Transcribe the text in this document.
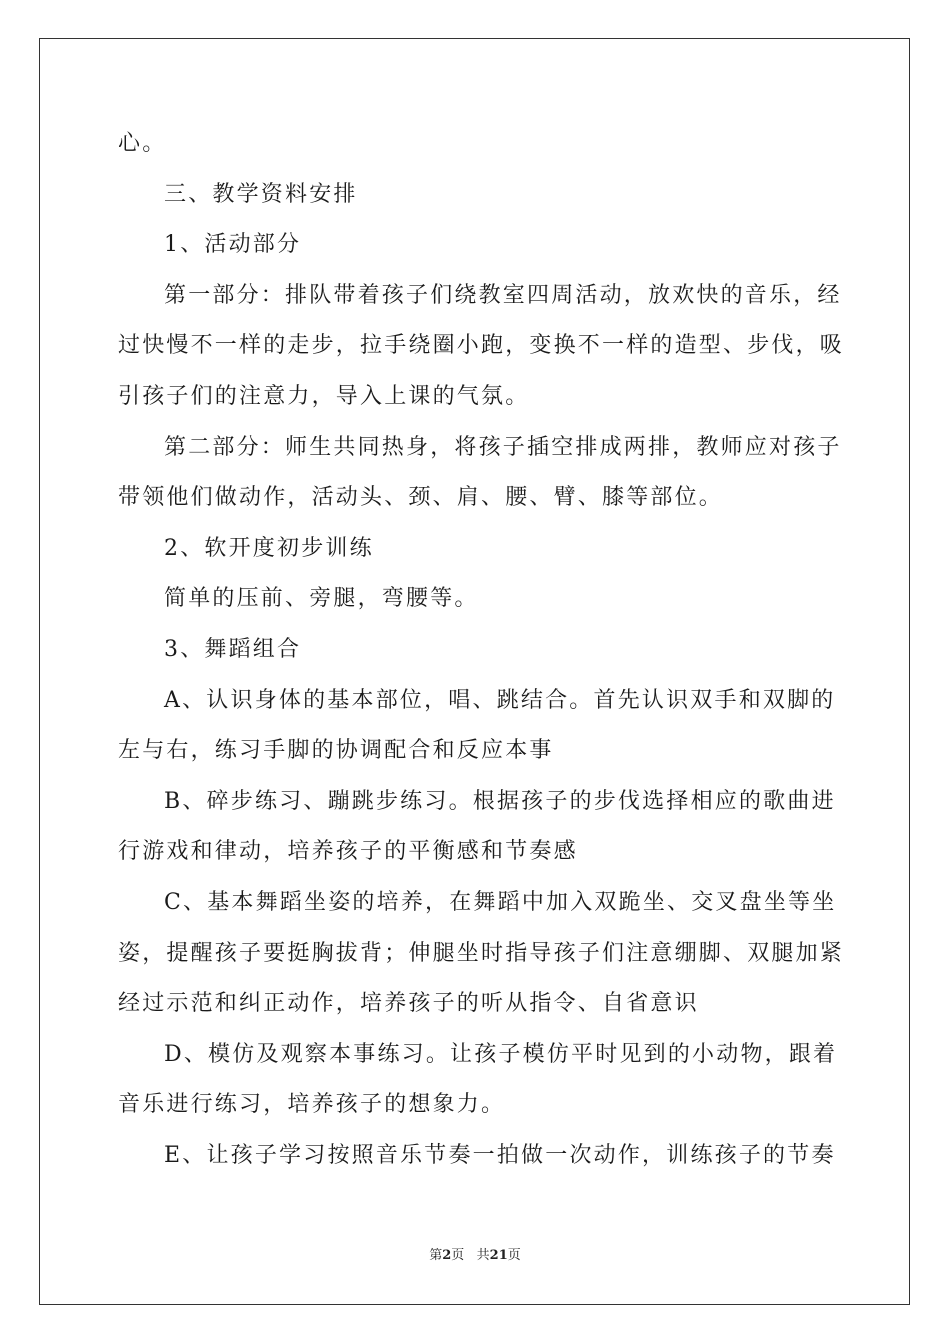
心。
三、教学资料安排
1、活动部分
第一部分：排队带着孩子们绕教室四周活动，放欢快的音乐，经
过快慢不一样的走步，拉手绕圈小跑，变换不一样的造型、步伐，吸
引孩子们的注意力，导入上课的气氛。
第二部分：师生共同热身，将孩子插空排成两排，教师应对孩子
带领他们做动作，活动头、颈、肩、腰、臂、膝等部位。
2、软开度初步训练
简单的压前、旁腿，弯腰等。
3、舞蹈组合
A、认识身体的基本部位，唱、跳结合。首先认识双手和双脚的
左与右，练习手脚的协调配合和反应本事
B、碎步练习、蹦跳步练习。根据孩子的步伐选择相应的歌曲进
行游戏和律动，培养孩子的平衡感和节奏感
C、基本舞蹈坐姿的培养，在舞蹈中加入双跪坐、交叉盘坐等坐
姿，提醒孩子要挺胸拔背；伸腿坐时指导孩子们注意绷脚、双腿加紧
经过示范和纠正动作，培养孩子的听从指令、自省意识
D、模仿及观察本事练习。让孩子模仿平时见到的小动物，跟着
音乐进行练习，培养孩子的想象力。
E、让孩子学习按照音乐节奏一拍做一次动作，训练孩子的节奏
第2页   共21页
